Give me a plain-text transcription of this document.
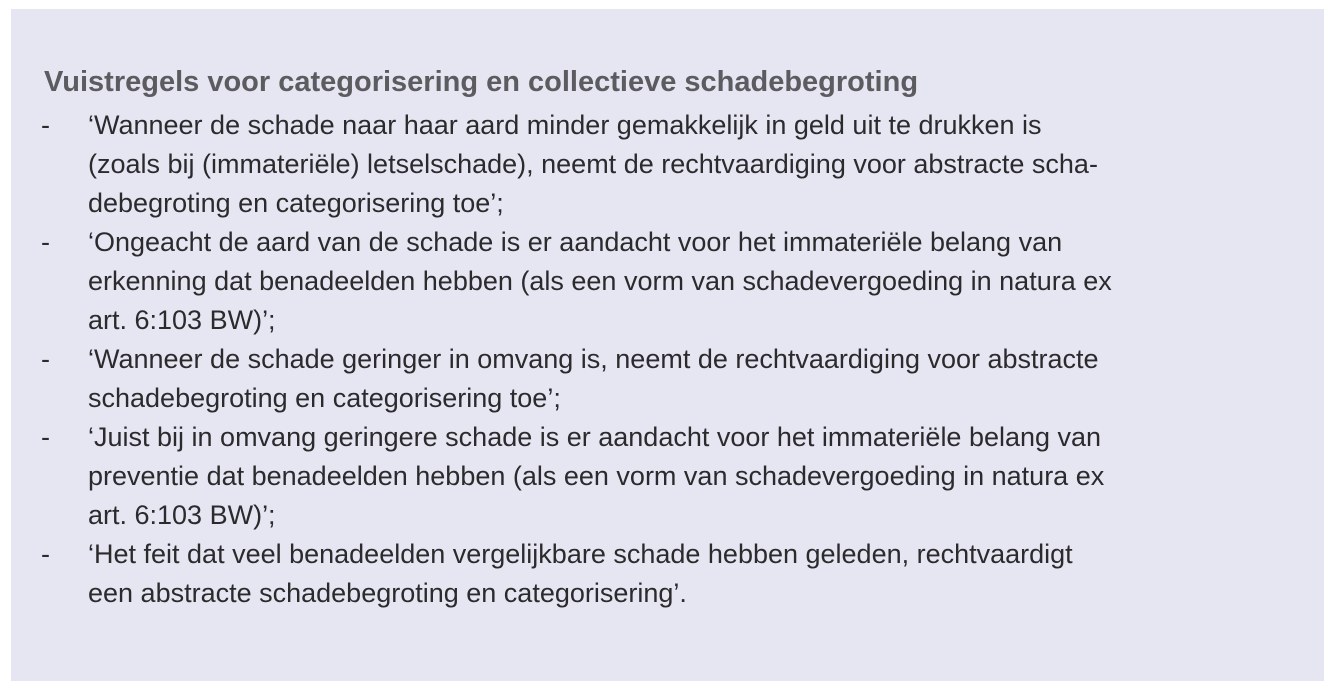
Vuistregels voor categorisering en collectieve schadebegroting
- ‘Wanneer de schade naar haar aard minder gemakkelijk in geld uit te drukken is
(zoals bij (immateriële) letselschade), neemt de rechtvaardiging voor abstracte scha-
debegroting en categorisering toe’;
- ‘Ongeacht de aard van de schade is er aandacht voor het immateriële belang van
erkenning dat benadeelden hebben (als een vorm van schadevergoeding in natura ex
art. 6:103 BW)’;
- ‘Wanneer de schade geringer in omvang is, neemt de rechtvaardiging voor abstracte
schadebegroting en categorisering toe’;
- ‘Juist bij in omvang geringere schade is er aandacht voor het immateriële belang van
preventie dat benadeelden hebben (als een vorm van schadevergoeding in natura ex
art. 6:103 BW)’;
- ‘Het feit dat veel benadeelden vergelijkbare schade hebben geleden, rechtvaardigt
een abstracte schadebegroting en categorisering’.
